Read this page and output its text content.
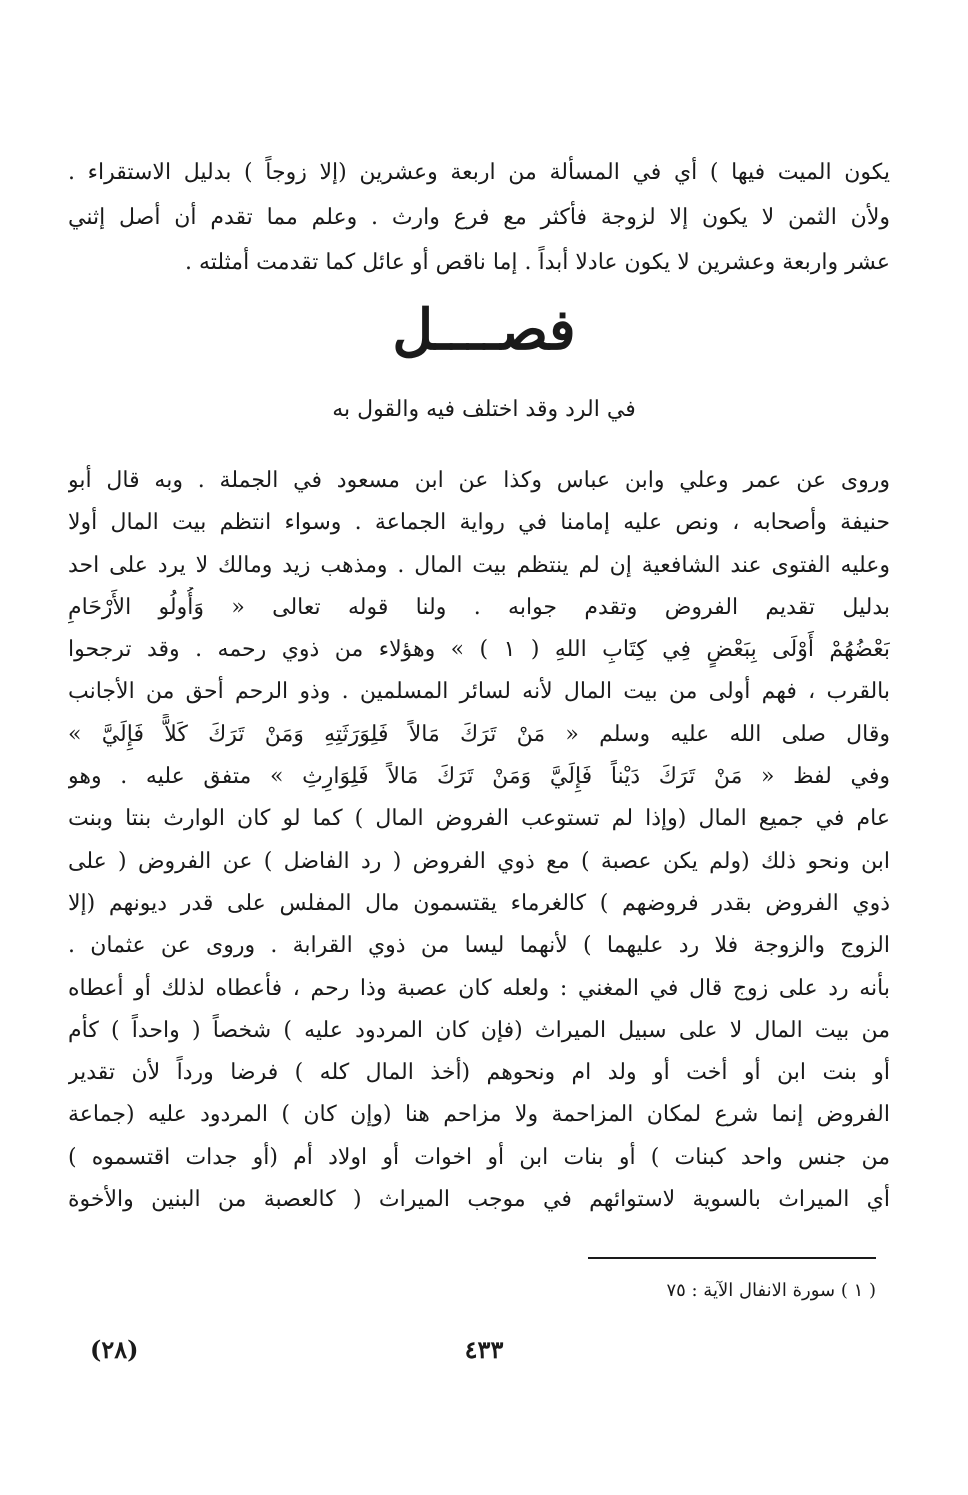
يكون الميت فيها ) أي في المسألة من اربعة وعشرين (إلا زوجاً ) بدليل الاستقراء .
ولأن الثمن لا يكون إلا لزوجة فأكثر مع فرع وارث . وعلم مما تقدم أن أصل إثني
عشر واربعة وعشرين لا يكون عادلا أبداً . إما ناقص أو عائل كما تقدمت أمثلته .
فصــــل
في الرد وقد اختلف فيه والقول به
وروى عن عمر وعلي وابن عباس وكذا عن ابن مسعود في الجملة . وبه قال أبو
حنيفة وأصحابه ، ونص عليه إمامنا في رواية الجماعة . وسواء انتظم بيت المال أولا
وعليه الفتوى عند الشافعية إن لم ينتظم بيت المال . ومذهب زيد ومالك لا يرد على احد
بدليل تقديم الفروض وتقدم جوابه . ولنا قوله تعالى « وَأُولُو الأَرْحَامِ
بَعْضُهُمْ أَوْلَى بِبَعْضٍ فِي كِتَابِ اللهِ ( ١ ) » وهؤلاء من ذوي رحمه . وقد ترجحوا
بالقرب ، فهم أولى من بيت المال لأنه لسائر المسلمين . وذو الرحم أحق من الأجانب
وقال صلى الله عليه وسلم « مَنْ تَرَكَ مَالاً فَلِوَرَثَتِهِ وَمَنْ تَرَكَ كَلاًّ فَإِلَيَّ »
وفي لفظ « مَنْ تَرَكَ دَيْناً فَإِلَيَّ وَمَنْ تَرَكَ مَالاً فَلِوَارِثِ » متفق عليه . وهو
عام في جميع المال (وإذا لم تستوعب الفروض المال ) كما لو كان الوارث بنتا وبنت
ابن ونحو ذلك (ولم يكن عصبة ) مع ذوي الفروض ( رد الفاضل ) عن الفروض ( على
ذوي الفروض بقدر فروضهم ) كالغرماء يقتسمون مال المفلس على قدر ديونهم (إلا
الزوج والزوجة فلا رد عليهما ) لأنهما ليسا من ذوي القرابة . وروى عن عثمان .
بأنه رد على زوج قال في المغني : ولعله كان عصبة وذا رحم ، فأعطاه لذلك أو أعطاه
من بيت المال لا على سبيل الميراث (فإن كان المردود عليه ) شخصاً ( واحداً ) كأم
أو بنت ابن أو أخت أو ولد ام ونحوهم (أخذ المال كله ) فرضا ورداً لأن تقدير
الفروض إنما شرع لمكان المزاحمة ولا مزاحم هنا (وإن كان ) المردود عليه (جماعة
من جنس واحد كبنات ) أو بنات ابن أو اخوات أو اولاد أم (أو جدات اقتسموه )
أي الميراث بالسوية لاستوائهم في موجب الميراث ( كالعصبة من البنين والأخوة
( ١ ) سورة الانفال الآية : ٧٥
٤٣٣
(٢٨)
